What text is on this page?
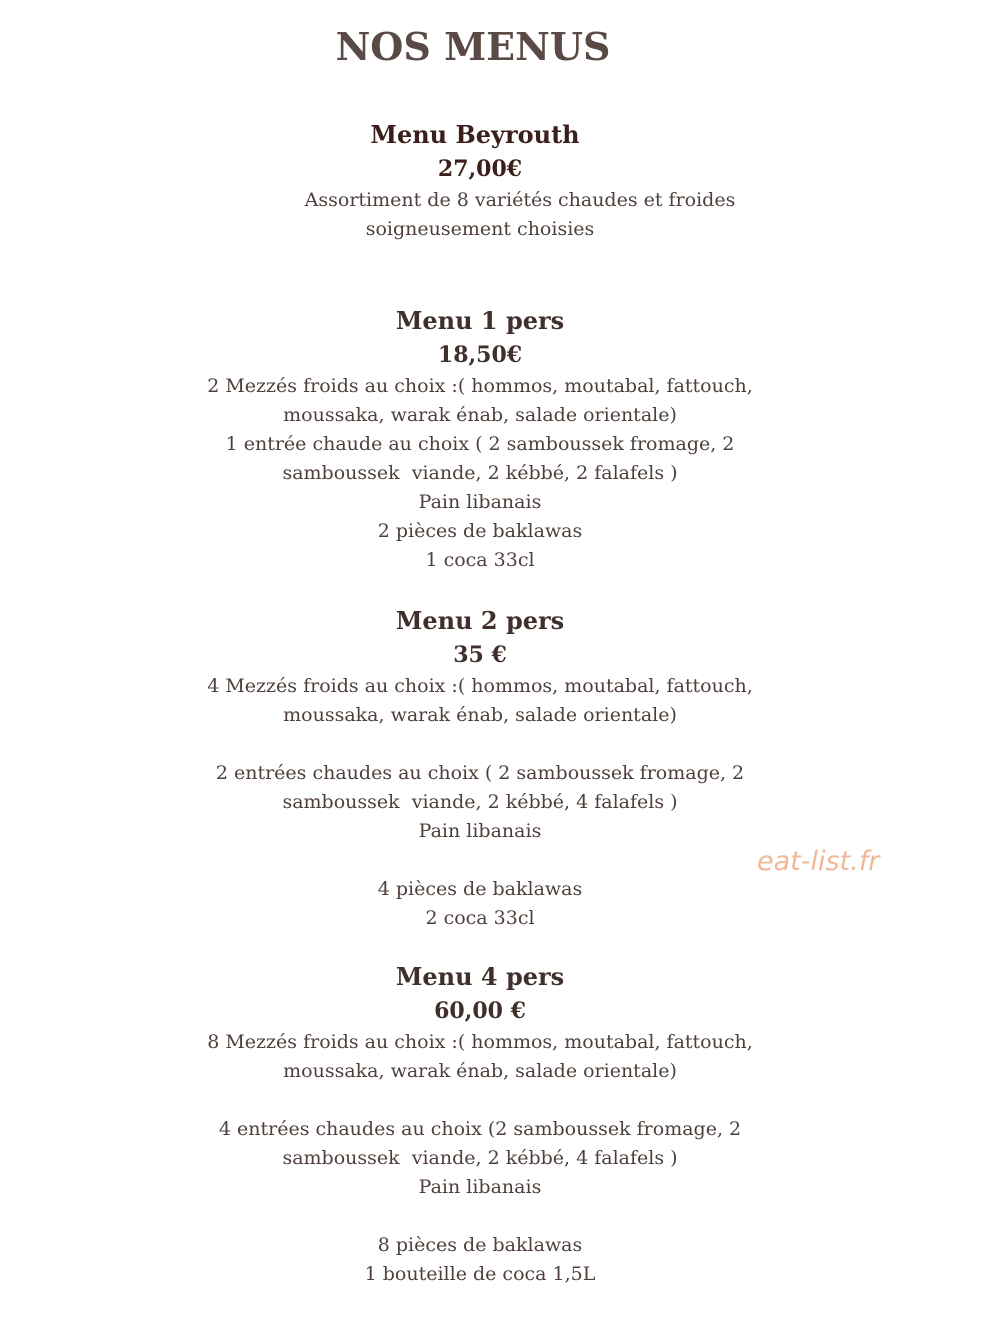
NOS MENUS
Menu Beyrouth
27,00€
Assortiment de 8 variétés chaudes et froides
soigneusement choisies
Menu 1 pers
18,50€
2 Mezzés froids au choix :( hommos, moutabal, fattouch,
moussaka, warak énab, salade orientale)
1 entrée chaude au choix ( 2 samboussek fromage, 2
samboussek  viande, 2 kébbé, 2 falafels )
Pain libanais
2 pièces de baklawas
1 coca 33cl
Menu 2 pers
35 €
4 Mezzés froids au choix :( hommos, moutabal, fattouch,
moussaka, warak énab, salade orientale)
2 entrées chaudes au choix ( 2 samboussek fromage, 2
samboussek  viande, 2 kébbé, 4 falafels )
Pain libanais
4 pièces de baklawas
2 coca 33cl
Menu 4 pers
60,00 €
8 Mezzés froids au choix :( hommos, moutabal, fattouch,
moussaka, warak énab, salade orientale)
4 entrées chaudes au choix (2 samboussek fromage, 2
samboussek  viande, 2 kébbé, 4 falafels )
Pain libanais
8 pièces de baklawas
1 bouteille de coca 1,5L
eat-list.fr
